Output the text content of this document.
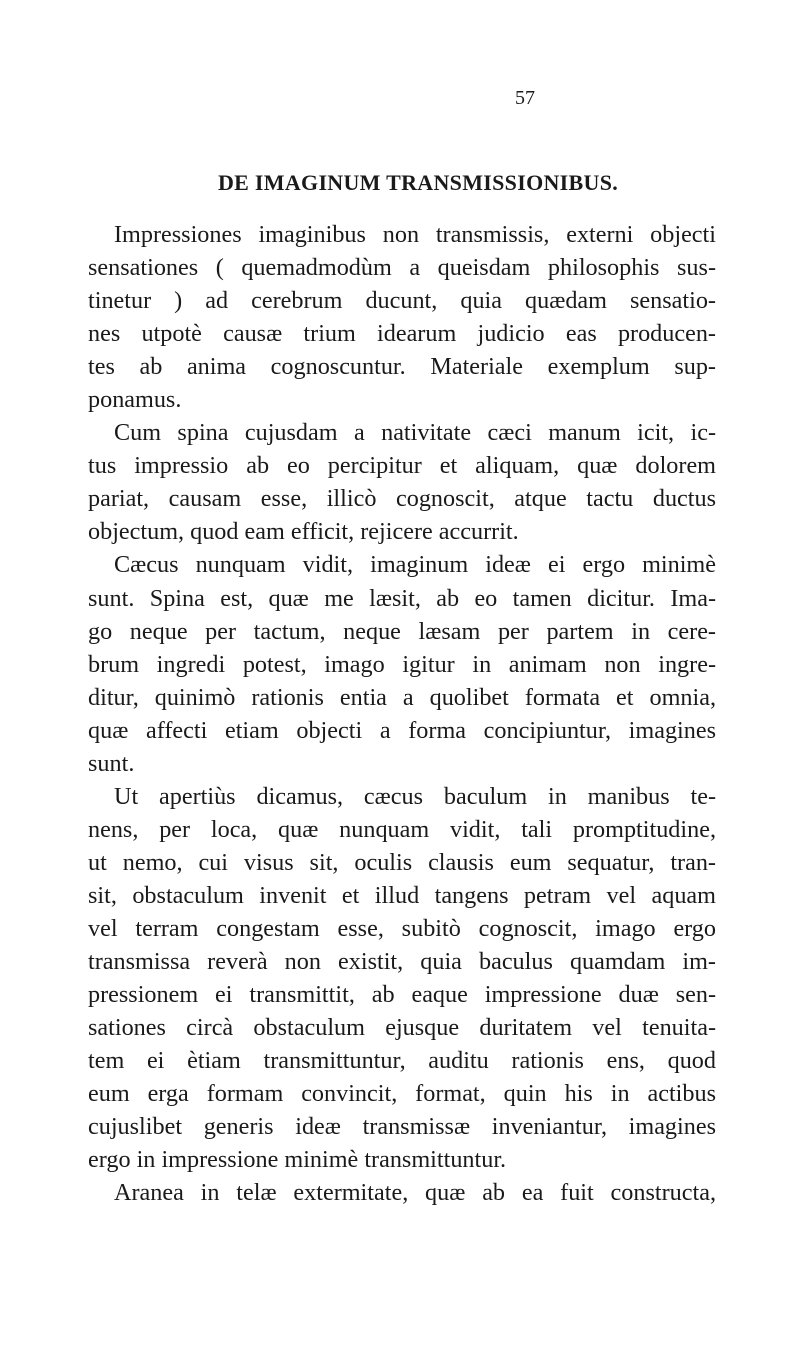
57
DE IMAGINUM TRANSMISSIONIBUS.
Impressiones imaginibus non transmissis, externi objecti
sensationes ( quemadmodùm a queisdam philosophis sus-
tinetur ) ad cerebrum ducunt, quia quædam sensatio-
nes utpotè causæ trium idearum judicio eas producen-
tes ab anima cognoscuntur. Materiale exemplum sup-
ponamus.
Cum spina cujusdam a nativitate cæci manum icit, ic-
tus impressio ab eo percipitur et aliquam, quæ dolorem
pariat, causam esse, illicò cognoscit, atque tactu ductus
objectum, quod eam efficit, rejicere accurrit.
Cæcus nunquam vidit, imaginum ideæ ei ergo minimè
sunt. Spina est, quæ me læsit, ab eo tamen dicitur. Ima-
go neque per tactum, neque læsam per partem in cere-
brum ingredi potest, imago igitur in animam non ingre-
ditur, quinimò rationis entia a quolibet formata et omnia,
quæ affecti etiam objecti a forma concipiuntur, imagines
sunt.
Ut apertiùs dicamus, cæcus baculum in manibus te-
nens, per loca, quæ nunquam vidit, tali promptitudine,
ut nemo, cui visus sit, oculis clausis eum sequatur, tran-
sit, obstaculum invenit et illud tangens petram vel aquam
vel terram congestam esse, subitò cognoscit, imago ergo
transmissa reverà non existit, quia baculus quamdam im-
pressionem ei transmittit, ab eaque impressione duæ sen-
sationes circà obstaculum ejusque duritatem vel tenuita-
tem ei ètiam transmittuntur, auditu rationis ens, quod
eum erga formam convincit, format, quin his in actibus
cujuslibet generis ideæ transmissæ inveniantur, imagines
ergo in impressione minimè transmittuntur.
Aranea in telæ extermitate, quæ ab ea fuit constructa,
